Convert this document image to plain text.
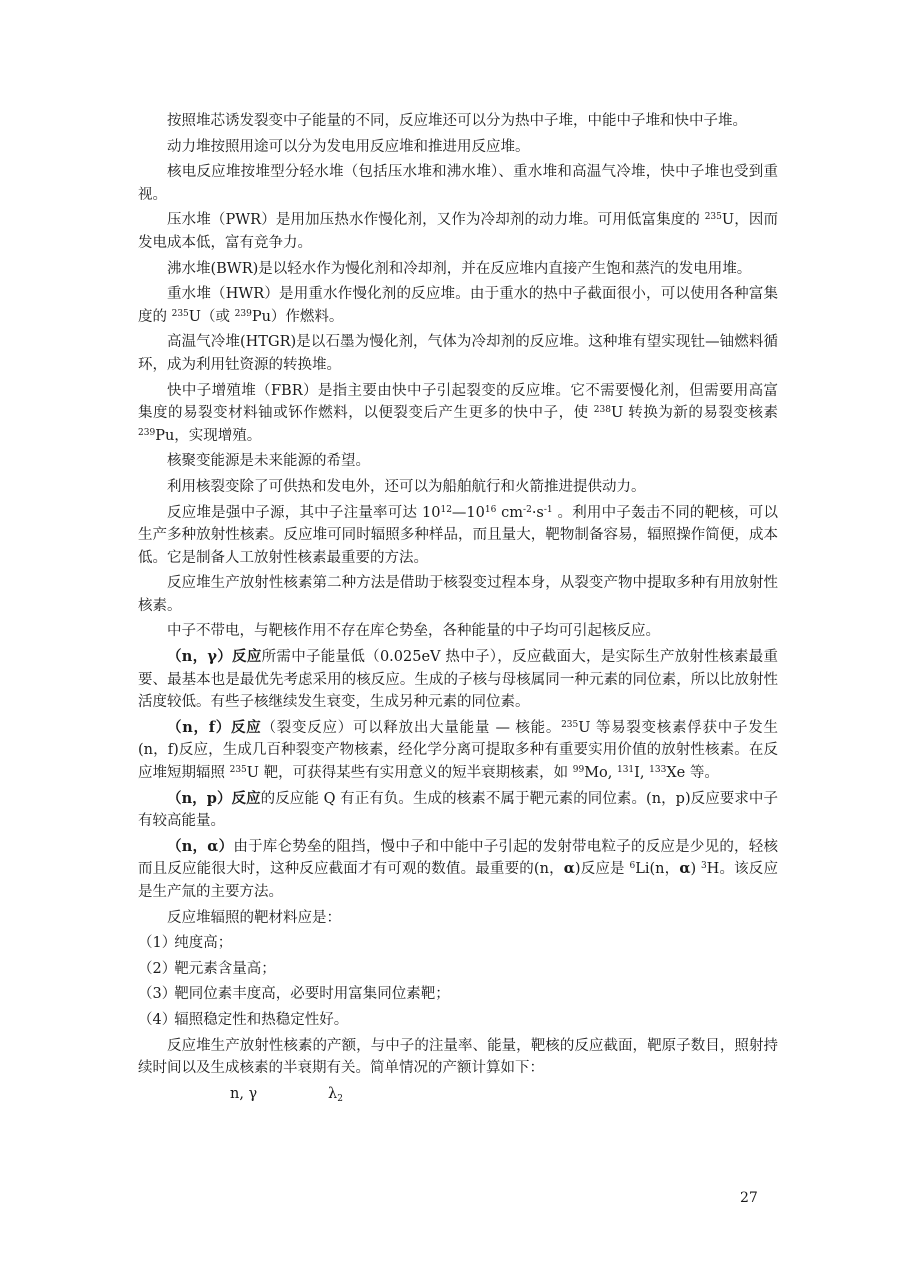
按照堆芯诱发裂变中子能量的不同，反应堆还可以分为热中子堆，中能中子堆和快中子堆。

动力堆按照用途可以分为发电用反应堆和推进用反应堆。

核电反应堆按堆型分轻水堆（包括压水堆和沸水堆）、重水堆和高温气冷堆，快中子堆也受到重视。

压水堆（PWR）是用加压热水作慢化剂，又作为冷却剂的动力堆。可用低富集度的 $^{235}$U，因而发电成本低，富有竞争力。

沸水堆(BWR)是以轻水作为慢化剂和冷却剂，并在反应堆内直接产生饱和蒸汽的发电用堆。

重水堆（HWR）是用重水作慢化剂的反应堆。由于重水的热中子截面很小，可以使用各种富集度的 $^{235}$U（或 $^{239}$Pu）作燃料。

高温气冷堆(HTGR)是以石墨为慢化剂，气体为冷却剂的反应堆。这种堆有望实现钍—铀燃料循环，成为利用钍资源的转换堆。

快中子增殖堆（FBR）是指主要由快中子引起裂变的反应堆。它不需要慢化剂，但需要用高富集度的易裂变材料铀或钚作燃料，以便裂变后产生更多的快中子，使 $^{238}$U 转换为新的易裂变核素 $^{239}$Pu，实现增殖。

核聚变能源是未来能源的希望。

利用核裂变除了可供热和发电外，还可以为船舶航行和火箭推进提供动力。

反应堆是强中子源，其中子注量率可达 $10^{12}—10^{16}$ $cm^{-2}\cdot s^{-1}$ 。利用中子轰击不同的靶核，可以生产多种放射性核素。反应堆可同时辐照多种样品，而且量大，靶物制备容易，辐照操作简便，成本低。它是制备人工放射性核素最重要的方法。

反应堆生产放射性核素第二种方法是借助于核裂变过程本身，从裂变产物中提取多种有用放射性核素。

中子不带电，与靶核作用不存在库仑势垒，各种能量的中子均可引起核反应。

（n，γ）反应所需中子能量低（0.025eV 热中子），反应截面大，是实际生产放射性核素最重要、最基本也是最优先考虑采用的核反应。生成的子核与母核属同一种元素的同位素，所以比放射性活度较低。有些子核继续发生衰变，生成另种元素的同位素。

（n，f）反应（裂变反应）可以释放出大量能量 — 核能。$^{235}$U 等易裂变核素俘获中子发生(n，f)反应，生成几百种裂变产物核素，经化学分离可提取多种有重要实用价值的放射性核素。在反应堆短期辐照 $^{235}$U 靶，可获得某些有实用意义的短半衰期核素，如 $^{99}$Mo, $^{131}$I, $^{133}$Xe 等。

（n，p）反应的反应能 Q 有正有负。生成的核素不属于靶元素的同位素。(n，p)反应要求中子有较高能量。

（n，α）由于库仑势垒的阻挡，慢中子和中能中子引起的发射带电粒子的反应是少见的，轻核而且反应能很大时，这种反应截面才有可观的数值。最重要的(n，α)反应是 $^6$Li(n，α) $^3$H。该反应是生产氚的主要方法。

反应堆辐照的靶材料应是：

（1）纯度高；

（2）靶元素含量高；

（3）靶同位素丰度高，必要时用富集同位素靶；

（4）辐照稳定性和热稳定性好。

反应堆生产放射性核素的产额，与中子的注量率、能量，靶核的反应截面，靶原子数目，照射持续时间以及生成核素的半衰期有关。简单情况的产额计算如下：

n, γ	$\lambda_2$
27
